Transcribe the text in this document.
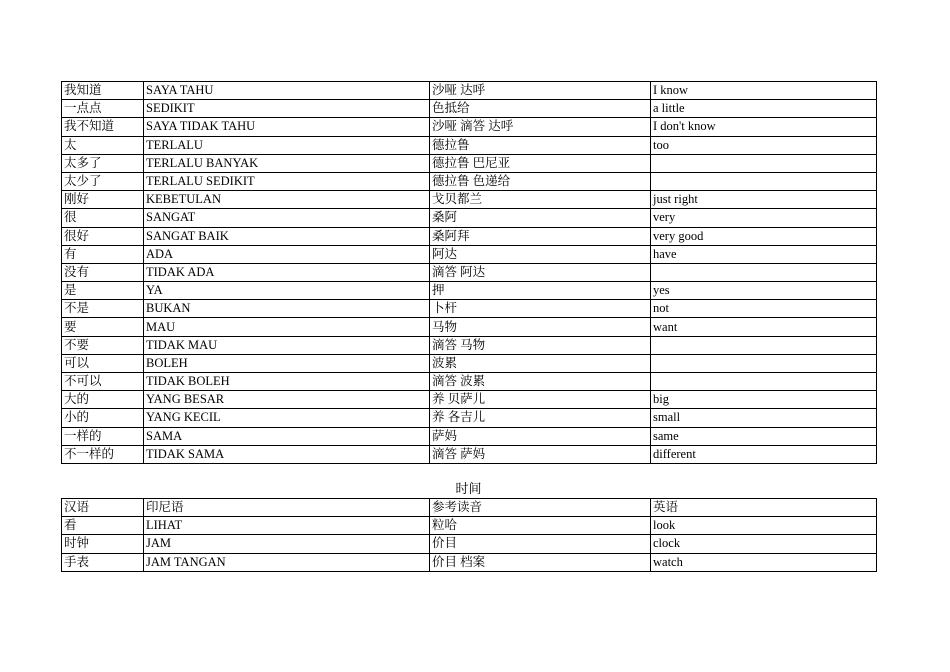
我知道	SAYA TAHU	沙哑 达呼	I know
一点点	SEDIKIT	色抵给	a little
我不知道	SAYA TIDAK TAHU	沙哑 滴答 达呼	I don't know
太	TERLALU	德拉鲁	too
太多了	TERLALU BANYAK	德拉鲁 巴尼亚	
太少了	TERLALU SEDIKIT	德拉鲁 色递给	
刚好	KEBETULAN	戈贝都兰	just right
很	SANGAT	桑阿	very
很好	SANGAT BAIK	桑阿拜	very good
有	ADA	阿达	have
没有	TIDAK ADA	滴答 阿达	
是	YA	押	yes
不是	BUKAN	卜杆	not
要	MAU	马物	want
不要	TIDAK MAU	滴答 马物	
可以	BOLEH	波累	
不可以	TIDAK BOLEH	滴答 波累	
大的	YANG BESAR	养 贝萨儿	big
小的	YANG KECIL	养 各吉儿	small
一样的	SAMA	萨妈	same
不一样的	TIDAK SAMA	滴答 萨妈	different
时间
汉语	印尼语	参考读音	英语
看	LIHAT	粒哈	look
时钟	JAM	价目	clock
手表	JAM TANGAN	价目 档案	watch
